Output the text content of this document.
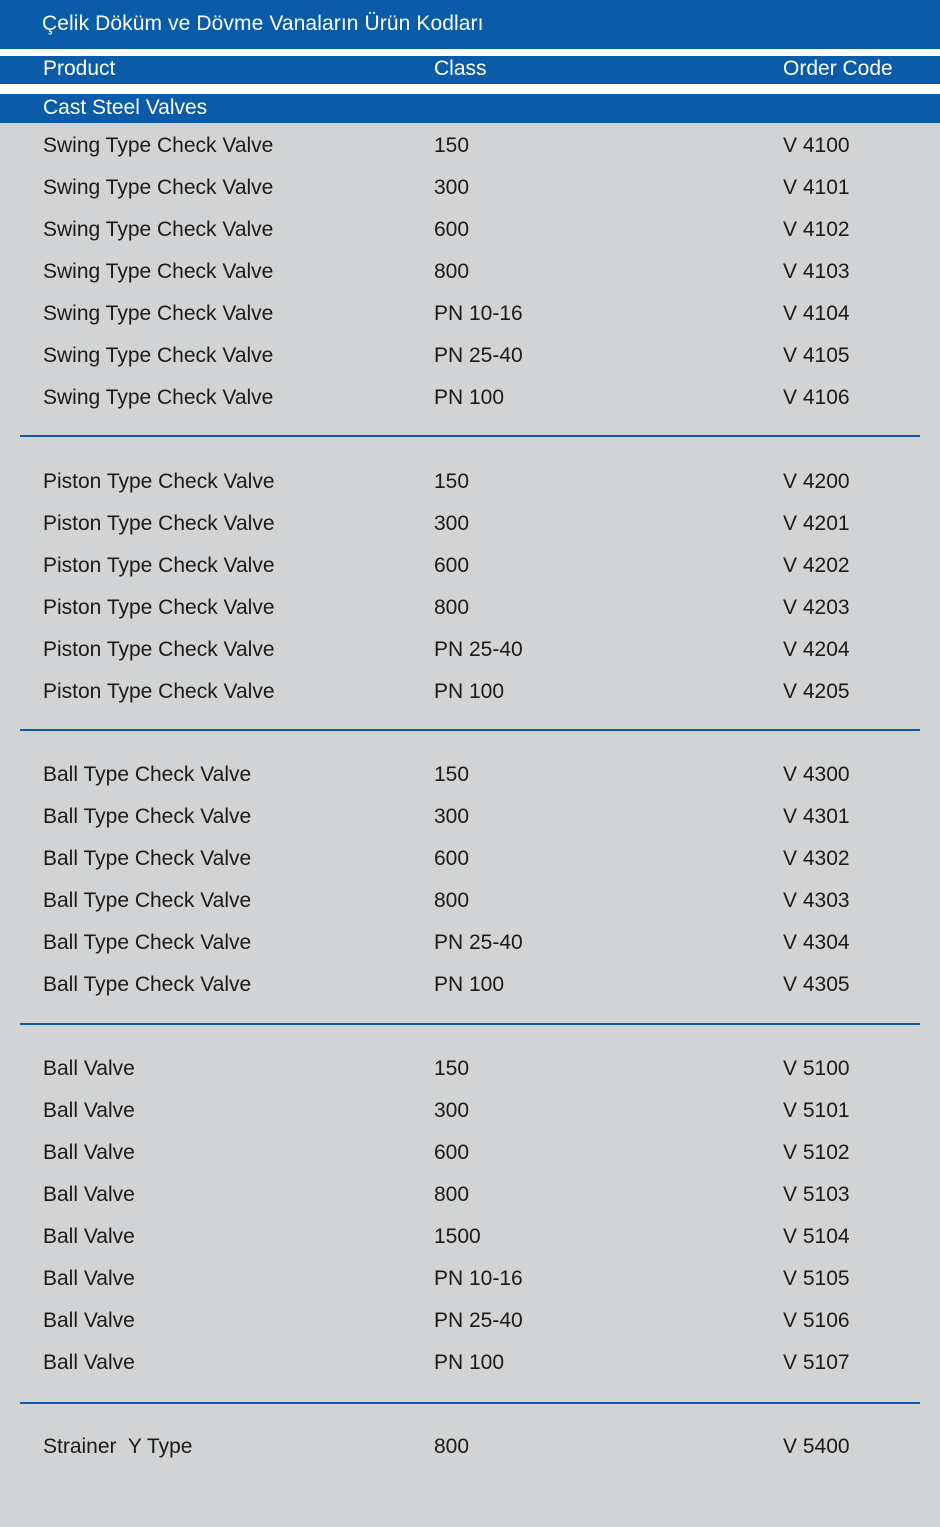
Çelik Döküm ve Dövme Vanaların Ürün Kodları
Product	Class	Order Code
Cast Steel Valves
Swing Type Check Valve	150	V 4100
Swing Type Check Valve	300	V 4101
Swing Type Check Valve	600	V 4102
Swing Type Check Valve	800	V 4103
Swing Type Check Valve	PN 10-16	V 4104
Swing Type Check Valve	PN 25-40	V 4105
Swing Type Check Valve	PN 100	V 4106
Piston Type Check Valve	150	V 4200
Piston Type Check Valve	300	V 4201
Piston Type Check Valve	600	V 4202
Piston Type Check Valve	800	V 4203
Piston Type Check Valve	PN 25-40	V 4204
Piston Type Check Valve	PN 100	V 4205
Ball Type Check Valve	150	V 4300
Ball Type Check Valve	300	V 4301
Ball Type Check Valve	600	V 4302
Ball Type Check Valve	800	V 4303
Ball Type Check Valve	PN 25-40	V 4304
Ball Type Check Valve	PN 100	V 4305
Ball Valve	150	V 5100
Ball Valve	300	V 5101
Ball Valve	600	V 5102
Ball Valve	800	V 5103
Ball Valve	1500	V 5104
Ball Valve	PN 10-16	V 5105
Ball Valve	PN 25-40	V 5106
Ball Valve	PN 100	V 5107
Strainer  Y Type	800	V 5400
